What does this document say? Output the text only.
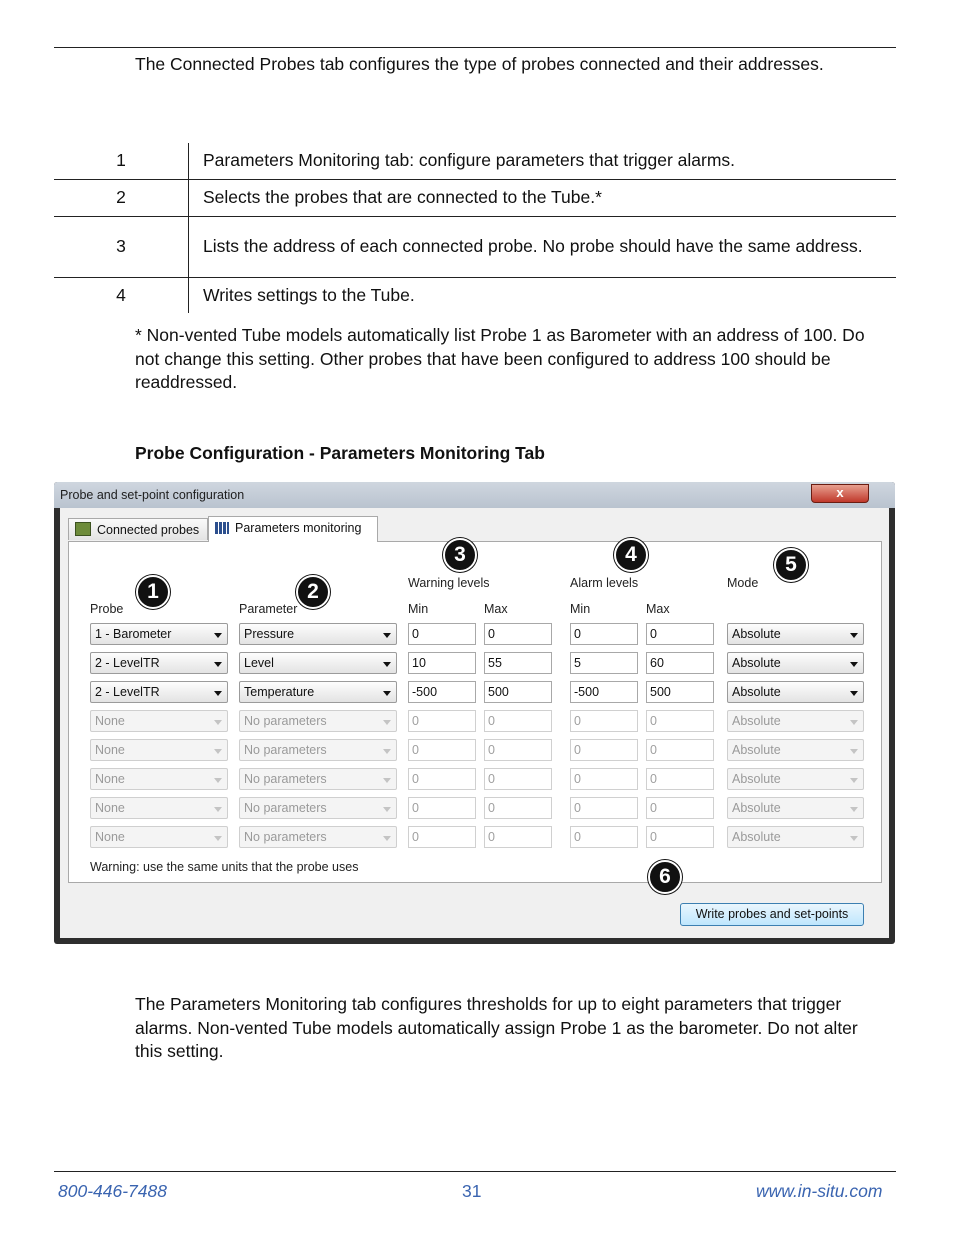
The Connected Probes tab configures the type of probes connected and their addresses.
1	Parameters Monitoring tab: configure parameters that trigger alarms.
2	Selects the probes that are connected to the Tube.*
3	Lists the address of each connected probe. No probe should have the same address.
4	Writes settings to the Tube.
* Non-vented Tube models automatically list Probe 1 as Barometer with an address of 100. Do not change this setting. Other probes that have been configured to address 100 should be readdressed.
Probe Configuration - Parameters Monitoring Tab
Probe and set-point configuration	x
Connected probes	Parameters monitoring
1	2
3	4	5
Warning levels	Alarm levels	Mode
Probe	Parameter	Min	Max	Min	Max
1 - Barometer	Pressure	0	0	0	0	Absolute
2 - LevelTR	Level	10	55	5	60	Absolute
2 - LevelTR	Temperature	-500	500	-500	500	Absolute
None	No parameters	0	0	0	0	Absolute
None	No parameters	0	0	0	0	Absolute
None	No parameters	0	0	0	0	Absolute
None	No parameters	0	0	0	0	Absolute
None	No parameters	0	0	0	0	Absolute
Warning: use the same units that the probe uses	6
Write probes and set-points
The Parameters Monitoring tab configures thresholds for up to eight parameters that trigger alarms. Non-vented Tube models automatically assign Probe 1 as the barometer. Do not alter this setting.
800-446-7488	31	www.in-situ.com
